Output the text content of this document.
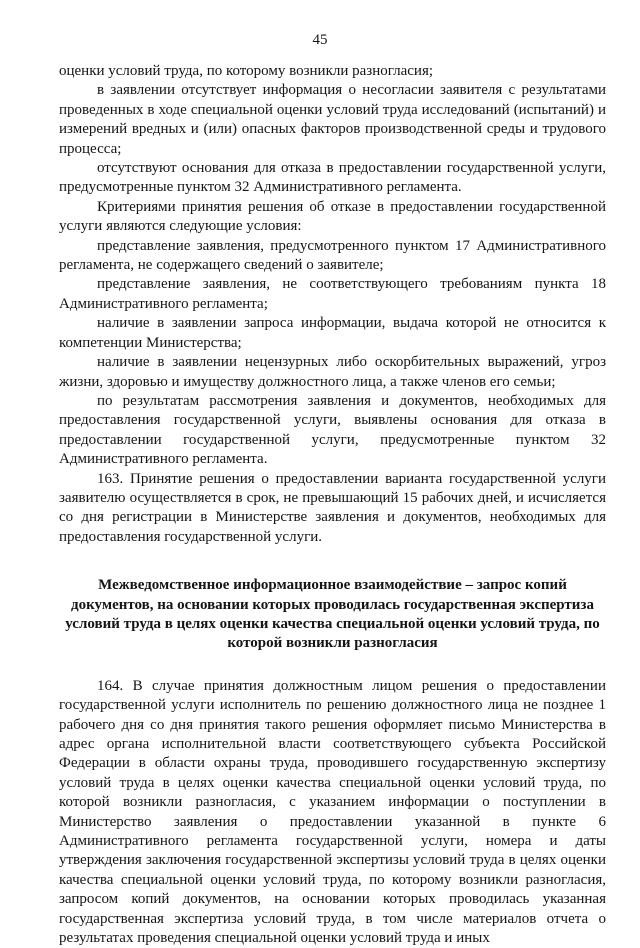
45

оценки условий труда, по которому возникли разногласия;

в заявлении отсутствует информация о несогласии заявителя с результатами проведенных в ходе специальной оценки условий труда исследований (испытаний) и измерений вредных и (или) опасных факторов производственной среды и трудового процесса;

отсутствуют основания для отказа в предоставлении государственной услуги, предусмотренные пунктом 32 Административного регламента.

Критериями принятия решения об отказе в предоставлении государственной услуги являются следующие условия:

представление заявления, предусмотренного пунктом 17 Административного регламента, не содержащего сведений о заявителе;

представление заявления, не соответствующего требованиям пункта 18 Административного регламента;

наличие в заявлении запроса информации, выдача которой не относится к компетенции Министерства;

наличие в заявлении нецензурных либо оскорбительных выражений, угроз жизни, здоровью и имуществу должностного лица, а также членов его семьи;

по результатам рассмотрения заявления и документов, необходимых для предоставления государственной услуги, выявлены основания для отказа в предоставлении государственной услуги, предусмотренные пунктом 32 Административного регламента.

163. Принятие решения о предоставлении варианта государственной услуги заявителю осуществляется в срок, не превышающий 15 рабочих дней, и исчисляется со дня регистрации в Министерстве заявления и документов, необходимых для предоставления государственной услуги.

Межведомственное информационное взаимодействие – запрос копий документов, на основании которых проводилась государственная экспертиза условий труда в целях оценки качества специальной оценки условий труда, по которой возникли разногласия

164. В случае принятия должностным лицом решения о предоставлении государственной услуги исполнитель по решению должностного лица не позднее 1 рабочего дня со дня принятия такого решения оформляет письмо Министерства в адрес органа исполнительной власти соответствующего субъекта Российской Федерации в области охраны труда, проводившего государственную экспертизу условий труда в целях оценки качества специальной оценки условий труда, по которой возникли разногласия, с указанием информации о поступлении в Министерство заявления о предоставлении указанной в пункте 6 Административного регламента государственной услуги, номера и даты утверждения заключения государственной экспертизы условий труда в целях оценки качества специальной оценки условий труда, по которому возникли разногласия, запросом копий документов, на основании которых проводилась указанная государственная экспертиза условий труда, в том числе материалов отчета о результатах проведения специальной оценки условий труда и иных
